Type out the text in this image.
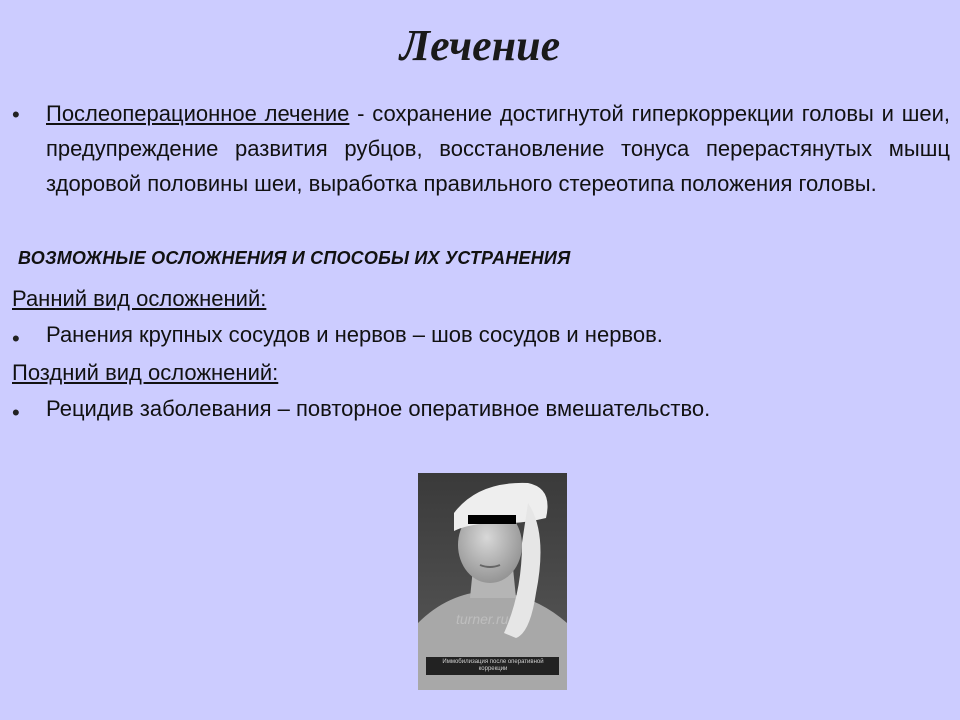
Лечение
• Послеоперационное лечение - сохранение достигнутой гиперкоррекции головы и шеи, предупреждение развития рубцов, восстановление тонуса перерастянутых мышц здоровой половины шеи, выработка правильного стереотипа положения головы.
ВОЗМОЖНЫЕ ОСЛОЖНЕНИЯ И СПОСОБЫ ИХ УСТРАНЕНИЯ
Ранний вид осложнений:
• Ранения крупных сосудов и нервов – шов сосудов и нервов.
Поздний вид осложнений:
• Рецидив заболевания – повторное оперативное вмешательство.
turner.ru
Иммобилизация после оперативной коррекции
